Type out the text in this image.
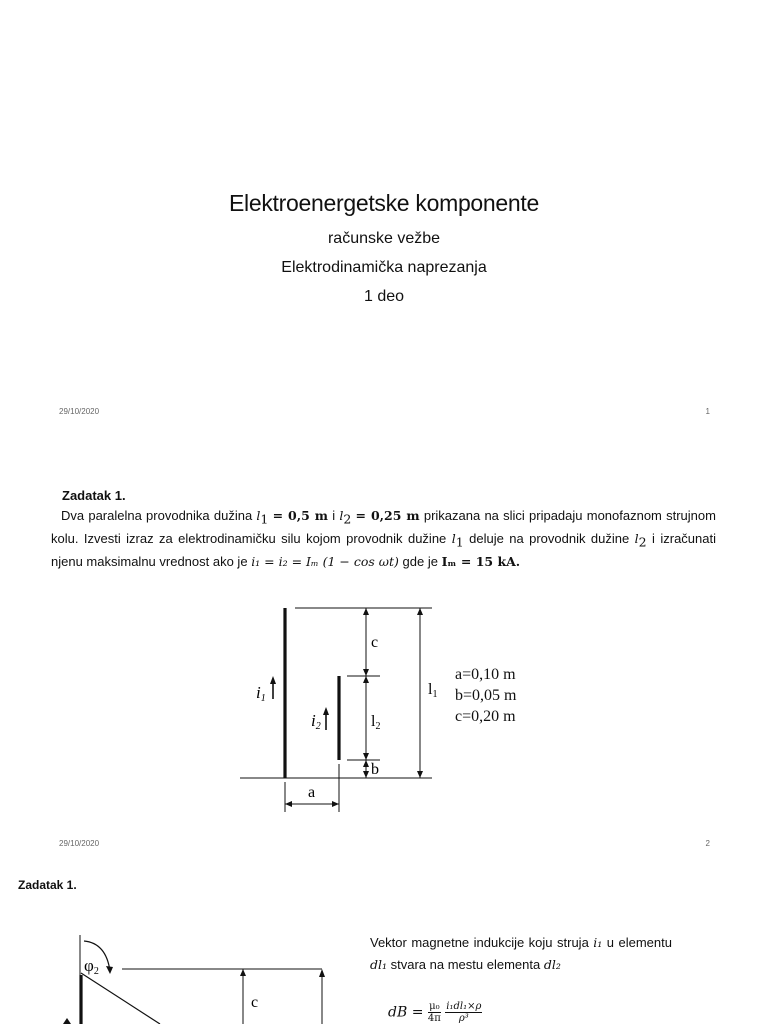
Elektroenergetske komponente
računske vežbe
Elektrodinamička naprezanja
1 deo
29/10/2020	1
29/10/2020	2
Zadatak 1.
Dva paralelna provodnika dužina $l_1 = 0,5$ m i $l_2 = 0,25$ m prikazana na slici pripadaju monofaznom strujnom kolu. Izvesti izraz za elektrodinamičku silu kojom provodnik dužine $l_1$ deluje na provodnik dužine $l_2$ i izračunati njenu maksimalnu vrednost ako je i₁ = i₂ = Iₘ (1 − cos ωt) gde je Iₘ = 15 kA.
i1
i2
c
l1
l2
b
a
a=0,10 m
b=0,05 m
c=0,20 m
Zadatak 1.
φ2
c
Vektor magnetne indukcije koju struja i₁ u elementu dl₁ stvara na mestu elementa dl₂
dB = $\frac{\text{μ₀}}{4\pi} \frac{\text{i₁dl₁×ρ}}{\text{ρ³}}$
